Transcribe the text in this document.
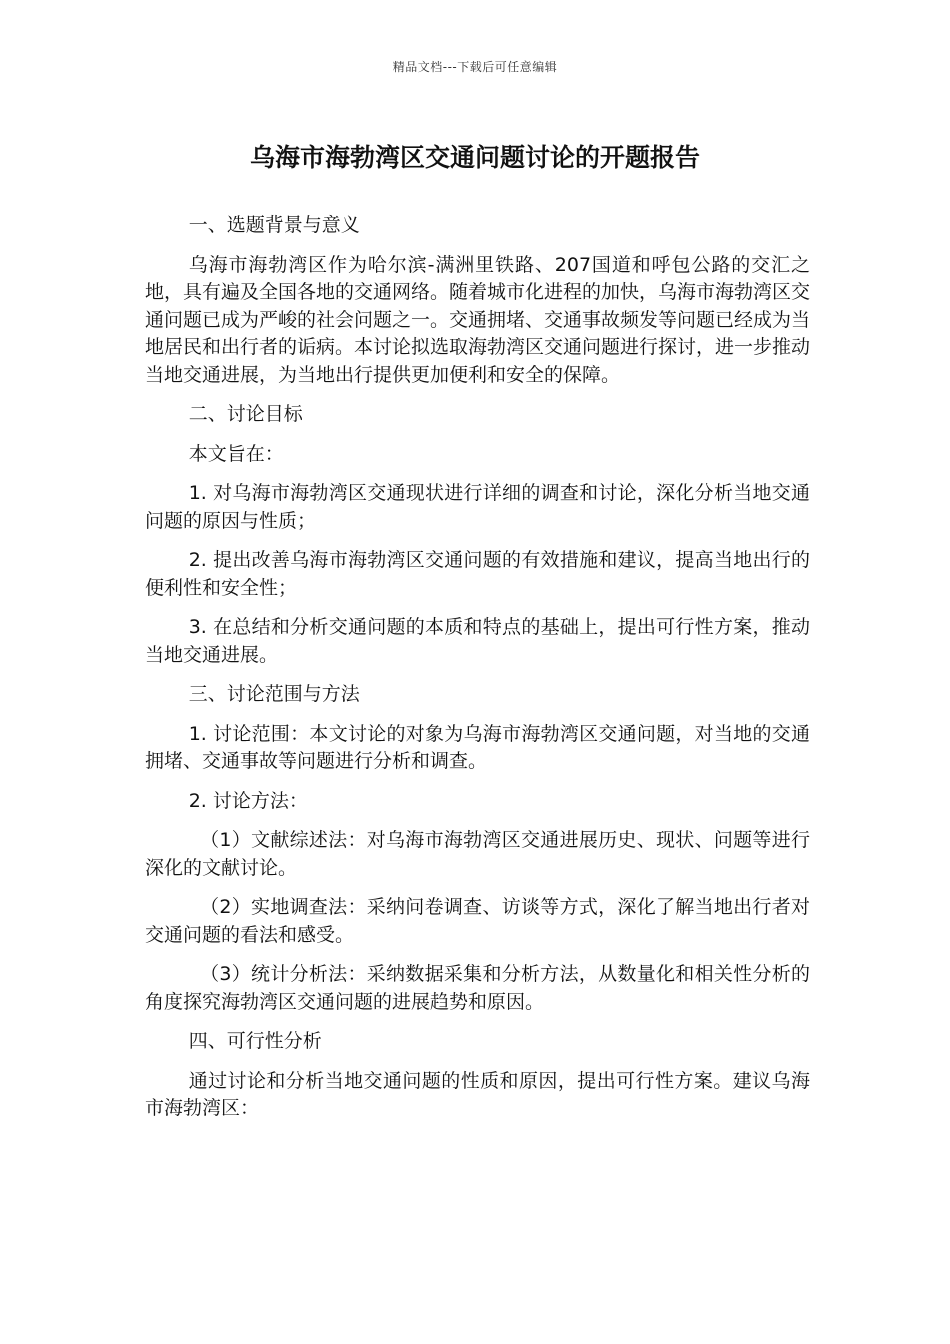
精品文档---下载后可任意编辑
乌海市海勃湾区交通问题讨论的开题报告

一、选题背景与意义

乌海市海勃湾区作为哈尔滨-满洲里铁路、207国道和呼包公路的交汇之地，具有遍及全国各地的交通网络。随着城市化进程的加快，乌海市海勃湾区交通问题已成为严峻的社会问题之一。交通拥堵、交通事故频发等问题已经成为当地居民和出行者的诟病。本讨论拟选取海勃湾区交通问题进行探讨，进一步推动当地交通进展，为当地出行提供更加便利和安全的保障。

二、讨论目标

本文旨在：

1. 对乌海市海勃湾区交通现状进行详细的调查和讨论，深化分析当地交通问题的原因与性质；

2. 提出改善乌海市海勃湾区交通问题的有效措施和建议，提高当地出行的便利性和安全性；

3. 在总结和分析交通问题的本质和特点的基础上，提出可行性方案，推动当地交通进展。

三、讨论范围与方法

1. 讨论范围：本文讨论的对象为乌海市海勃湾区交通问题，对当地的交通拥堵、交通事故等问题进行分析和调查。

2. 讨论方法：

（1）文献综述法：对乌海市海勃湾区交通进展历史、现状、问题等进行深化的文献讨论。

（2）实地调查法：采纳问卷调查、访谈等方式，深化了解当地出行者对交通问题的看法和感受。

（3）统计分析法：采纳数据采集和分析方法，从数量化和相关性分析的角度探究海勃湾区交通问题的进展趋势和原因。

四、可行性分析

通过讨论和分析当地交通问题的性质和原因，提出可行性方案。建议乌海市海勃湾区：
